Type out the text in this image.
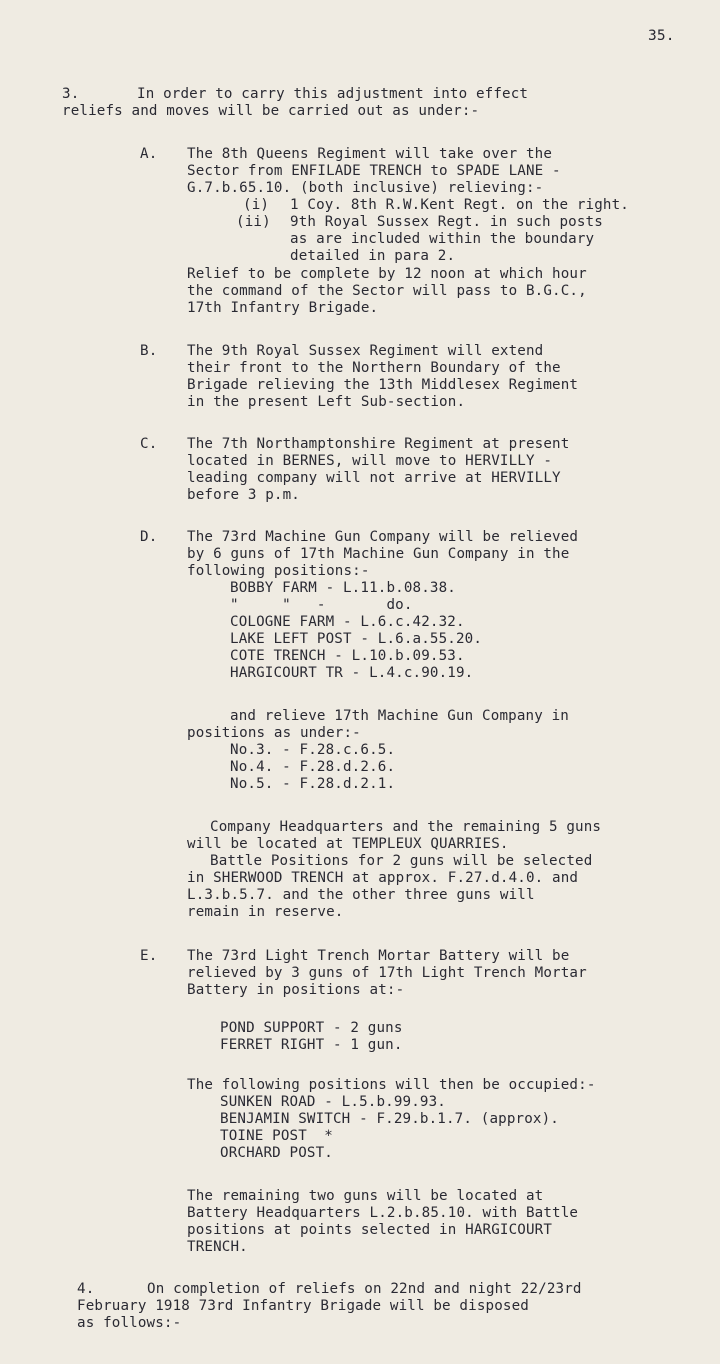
35.
3.	In order to carry this adjustment into effect
reliefs and moves will be carried out as under:-
A. The 8th Queens Regiment will take over the
Sector from ENFILADE TRENCH to SPADE LANE -
G.7.b.65.10. (both inclusive) relieving:-
(i) 1 Coy. 8th R.W.Kent Regt. on the right.
(ii) 9th Royal Sussex Regt. in such posts
as are included within the boundary
detailed in para 2.
Relief to be complete by 12 noon at which hour
the command of the Sector will pass to B.G.C.,
17th Infantry Brigade.
B. The 9th Royal Sussex Regiment will extend
their front to the Northern Boundary of the
Brigade relieving the 13th Middlesex Regiment
in the present Left Sub-section.
C. The 7th Northamptonshire Regiment at present
located in BERNES, will move to HERVILLY -
leading company will not arrive at HERVILLY
before 3 p.m.
D. The 73rd Machine Gun Company will be relieved
by 6 guns of 17th Machine Gun Company in the
following positions:-
BOBBY FARM - L.11.b.08.38.
"     "   -       do.
COLOGNE FARM - L.6.c.42.32.
LAKE LEFT POST - L.6.a.55.20.
COTE TRENCH - L.10.b.09.53.
HARGICOURT TR - L.4.c.90.19.
and relieve 17th Machine Gun Company in
positions as under:-
No.3. - F.28.c.6.5.
No.4. - F.28.d.2.6.
No.5. - F.28.d.2.1.
Company Headquarters and the remaining 5 guns
will be located at TEMPLEUX QUARRIES.
Battle Positions for 2 guns will be selected
in SHERWOOD TRENCH at approx. F.27.d.4.0. and
L.3.b.5.7. and the other three guns will
remain in reserve.
E. The 73rd Light Trench Mortar Battery will be
relieved by 3 guns of 17th Light Trench Mortar
Battery in positions at:-
POND SUPPORT - 2 guns
FERRET RIGHT - 1 gun.
The following positions will then be occupied:-
SUNKEN ROAD - L.5.b.99.93.
BENJAMIN SWITCH - F.29.b.1.7. (approx).
TOINE POST  *
ORCHARD POST.
The remaining two guns will be located at
Battery Headquarters L.2.b.85.10. with Battle
positions at points selected in HARGICOURT
TRENCH.
4.	On completion of reliefs on 22nd and night 22/23rd
February 1918 73rd Infantry Brigade will be disposed
as follows:-
